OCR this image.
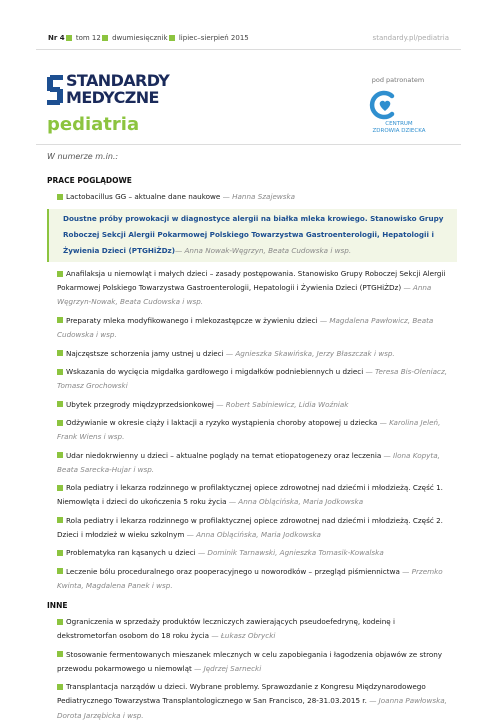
Nr 4 tom 12 dwumiesięcznik lipiec–sierpień 2015	standardy.pl/pediatria
STANDARDY
MEDYCZNE
pediatria
pod patronatem
CENTRUM
ZDROWIA DZIECKA
W numerze m.in.:
PRACE POGLĄDOWE
Lactobacillus GG – aktualne dane naukowe — Hanna Szajewska
Doustne próby prowokacji w diagnostyce alergii na białka mleka krowiego. Stanowisko Grupy Roboczej Sekcji Alergii Pokarmowej Polskiego Towarzystwa Gastroenterologii, Hepatologii i Żywienia Dzieci (PTGHiŻDz)— Anna Nowak-Węgrzyn, Beata Cudowska i wsp.
Anafilaksja u niemowląt i małych dzieci – zasady postępowania. Stanowisko Grupy Roboczej Sekcji Alergii Pokarmowej Polskiego Towarzystwa Gastroenterologii, Hepatologii i Żywienia Dzieci (PTGHiŻDz) — Anna Węgrzyn-Nowak, Beata Cudowska i wsp.
Preparaty mleka modyfikowanego i mlekozastępcze w żywieniu dzieci — Magdalena Pawłowicz, Beata Cudowska i wsp.
Najczęstsze schorzenia jamy ustnej u dzieci — Agnieszka Skawińska, Jerzy Błaszczak i wsp.
Wskazania do wycięcia migdałka gardłowego i migdałków podniebiennych u dzieci — Teresa Bis-Oleniacz, Tomasz Grochowski
Ubytek przegrody międzyprzedsionkowej — Robert Sabiniewicz, Lidia Woźniak
Odżywianie w okresie ciąży i laktacji a ryzyko wystąpienia choroby atopowej u dziecka — Karolina Jeleń, Frank Wiens i wsp.
Udar niedokrwienny u dzieci – aktualne poglądy na temat etiopatogenezy oraz leczenia — Ilona Kopyta, Beata Sarecka-Hujar i wsp.
Rola pediatry i lekarza rodzinnego w profilaktycznej opiece zdrowotnej nad dziećmi i młodzieżą. Część 1. Niemowlęta i dzieci do ukończenia 5 roku życia — Anna Oblącińska, Maria Jodkowska
Rola pediatry i lekarza rodzinnego w profilaktycznej opiece zdrowotnej nad dziećmi i młodzieżą. Część 2. Dzieci i młodzież w wieku szkolnym — Anna Oblącińska, Maria Jodkowska
Problematyka ran kąsanych u dzieci — Dominik Tarnawski, Agnieszka Tomasik-Kowalska
Leczenie bólu proceduralnego oraz pooperacyjnego u noworodków – przegląd piśmiennictwa — Przemko Kwinta, Magdalena Panek i wsp.
INNE
Ograniczenia w sprzedaży produktów leczniczych zawierających pseudoefedrynę, kodeinę i dekstrometorfan osobom do 18 roku życia — Łukasz Obrycki
Stosowanie fermentowanych mieszanek mlecznych w celu zapobiegania i łagodzenia objawów ze strony przewodu pokarmowego u niemowląt — Jędrzej Sarnecki
Transplantacja narządów u dzieci. Wybrane problemy. Sprawozdanie z Kongresu Międzynarodowego Pediatrycznego Towarzystwa Transplantologicznego w San Francisco, 28-31.03.2015 r. — Joanna Pawłowska, Dorota Jarzębicka i wsp.
